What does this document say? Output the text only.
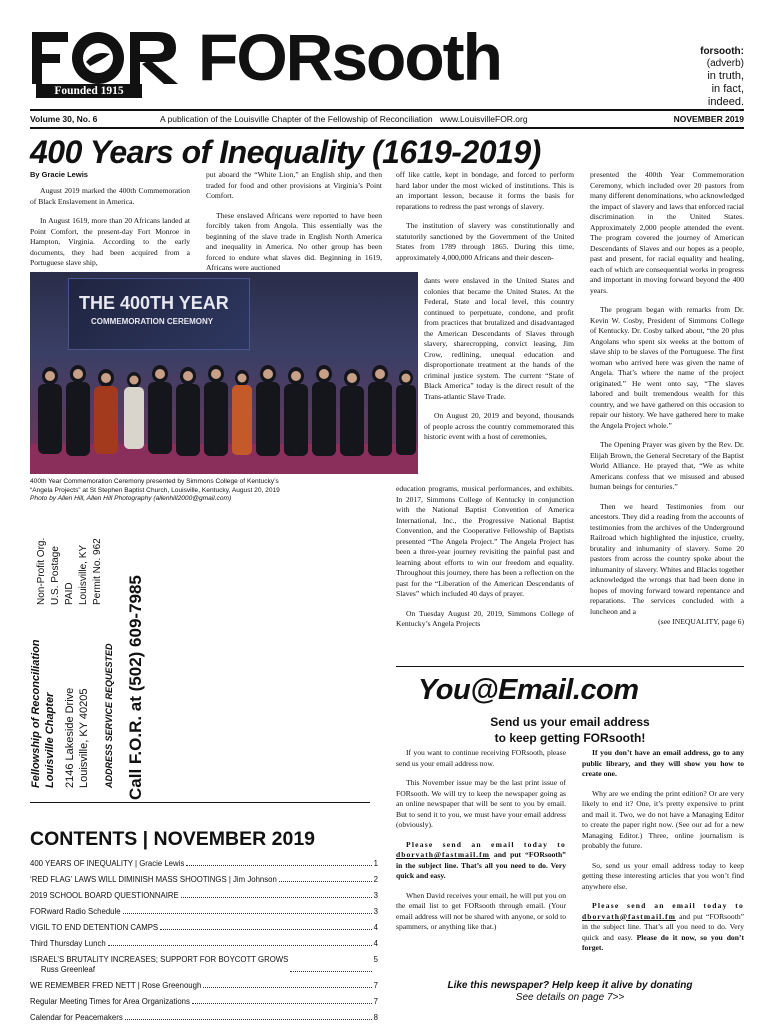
Founded 1915 FORsooth	forsooth:
(adverb)
in truth,
in fact,
indeed.
Volume 30, No. 6	A publication of the Louisville Chapter of the Fellowship of Reconciliation www.LouisvilleFOR.org	NOVEMBER 2019
400 Years of Inequality (1619-2019)
By Gracie Lewis

August 2019 marked the 400th Commemoration of Black Enslavement in America.

In August 1619, more than 20 Africans landed at Point Comfort, the present-day Fort Monroe in Hampton, Virginia. According to the early documents, they had been acquired from a Portuguese slave ship,

put aboard the “White Lion,” an English ship, and then traded for food and other provisions at Virginia’s Point Comfort.

These enslaved Africans were reported to have been forcibly taken from Angola. This essentially was the beginning of the slave trade in English North America and inequality in America. No other group has been forced to endure what slaves did. Beginning in 1619, Africans were auctioned

off like cattle, kept in bondage, and forced to perform hard labor under the most wicked of institutions. This is an important lesson, because it forms the basis for reparations to redress the past wrongs of slavery.

The institution of slavery was constitutionally and statutorily sanctioned by the Government of the United States from 1789 through 1865. During this time, approximately 4,000,000 Africans and their descen-

dants were enslaved in the United States and colonies that became the United States. At the Federal, State and local level, this country continued to perpetuate, condone, and profit from practices that brutalized and disadvantaged the American Descendants of Slaves through slavery, sharecropping, convict leasing, Jim Crow, redlining, unequal education and disproportionate treatment at the hands of the criminal justice system. The current “State of Black America” today is the direct result of the Trans-atlantic Slave Trade.

On August 20, 2019 and beyond, thousands of people across the country commemorated this historic event with a host of ceremonies,

education programs, musical performances, and exhibits. In 2017, Simmons College of Kentucky in conjunction with the National Baptist Convention of America International, Inc., the Progressive National Baptist Convention, and the Cooperative Fellowship of Baptists presented “The Angela Project.” The Angela Project has been a three-year journey revisiting the painful past and learning about efforts to win our freedom and equality. Throughout this journey, there has been a reflection on the past for the “Liberation of the American Descendants of Slaves” which included 40 days of prayer.

On Tuesday August 20, 2019, Simmons College of Kentucky’s Angela Projects

presented the 400th Year Commemoration Ceremony, which included over 20 pastors from many different denominations, who acknowledged the impact of slavery and laws that enforced racial discrimination in the United States. Approximately 2,000 people attended the event. The program covered the journey of American Descendants of Slaves and our hopes as a people, past and present, for racial equality and healing, each of which are consequential works in progress and important in moving forward beyond the 400 years.

The program began with remarks from Dr. Kevin W. Cosby, President of Simmons College of Kentucky. Dr. Cosby talked about, “the 20 plus Angolans who spent six weeks at the bottom of slave ship to be slaves of the Portuguese. The first woman who arrived here was given the name of Angela. That’s where the name of the project originated.” He went onto say, “The slaves labored and built tremendous wealth for this country, and we have gathered on this occasion to repair our history. We have gathered here to make the Angela Project whole.”

The Opening Prayer was given by the Rev. Dr. Elijah Brown, the General Secretary of the Baptist World Alliance. He prayed that, “We as white Americans confess that we misused and abused human beings for centuries.”

Then we heard Testimonies from our ancestors. They did a reading from the accounts of testimonies from the archives of the Underground Railroad which highlighted the injustice, cruelty, brutality and inhumanity of slavery. Some 20 pastors from across the country spoke about the inhumanity of slavery. Whites and Blacks together acknowledged the wrongs that had been done in hopes of moving forward toward repentance and reparations. The services concluded with a luncheon and a

(see INEQUALITY, page 6)
THE 400TH YEAR
COMMEMORATION CEREMONY
400th Year Commemoration Ceremony presented by Simmons College of Kentucky’s
“Angela Projects” at St Stephen Baptist Church, Louisville, Kentucky, August 20, 2019
Photo by Allen Hill, Allen Hill Photography (allenhill2000@gmail.com)
Non-Profit Org. U.S. Postage PAID Louisville, KY Permit No. 962
Fellowship of Reconciliation Louisville Chapter 2146 Lakeside Drive Louisville, KY 40205 ADDRESS SERVICE REQUESTED Call F.O.R. at (502) 609-7985
CONTENTS | NOVEMBER 2019
400 YEARS OF INEQUALITY | Gracie Lewis	1
‘RED FLAG’ LAWS WILL DIMINISH MASS SHOOTINGS | Jim Johnson	2
2019 SCHOOL BOARD QUESTIONNAIRE	3
FORward Radio Schedule	3
VIGIL TO END DETENTION CAMPS	4
Third Thursday Lunch	4
ISRAEL’S BRUTALITY INCREASES; SUPPORT FOR BOYCOTT GROWS
Russ Greenleaf
5
WE REMEMBER FRED NETT | Rose Greenough	7
Regular Meeting Times for Area Organizations	7
Calendar for Peacemakers	8
You@Email.com
Send us your email address
to keep getting FORsooth!

If you want to continue receiving FORsooth, please send us your email address now.

This November issue may be the last print issue of FORsooth. We will try to keep the newspaper going as an online newspaper that will be sent to you by email. But to send it to you, we must have your email address (obviously).

Please send an email today to dborvath@fastmail.fm and put “FORsooth” in the subject line. That’s all you need to do. Very quick and easy.

When David receives your email, he will put you on the email list to get FORsooth through email. (Your email address will not be shared with anyone, or sold to spammers, or anything like that.)

If you don’t have an email address, go to any public library, and they will show you how to create one.

Why are we ending the print edition? Or are very likely to end it? One, it’s pretty expensive to print and mail it. Two, we do not have a Managing Editor to create the paper right now. (See our ad for a new Managing Editor.) Three, online journalism is probably the future.

So, send us your email address today to keep getting these interesting articles that you won’t find anywhere else.

Please send an email today to dborvath@fastmail.fm and put “FORsooth” in the subject line. That’s all you need to do. Very quick and easy. Please do it now, so you don’t forget.

Like this newspaper? Help keep it alive by donating
See details on page 7>>
